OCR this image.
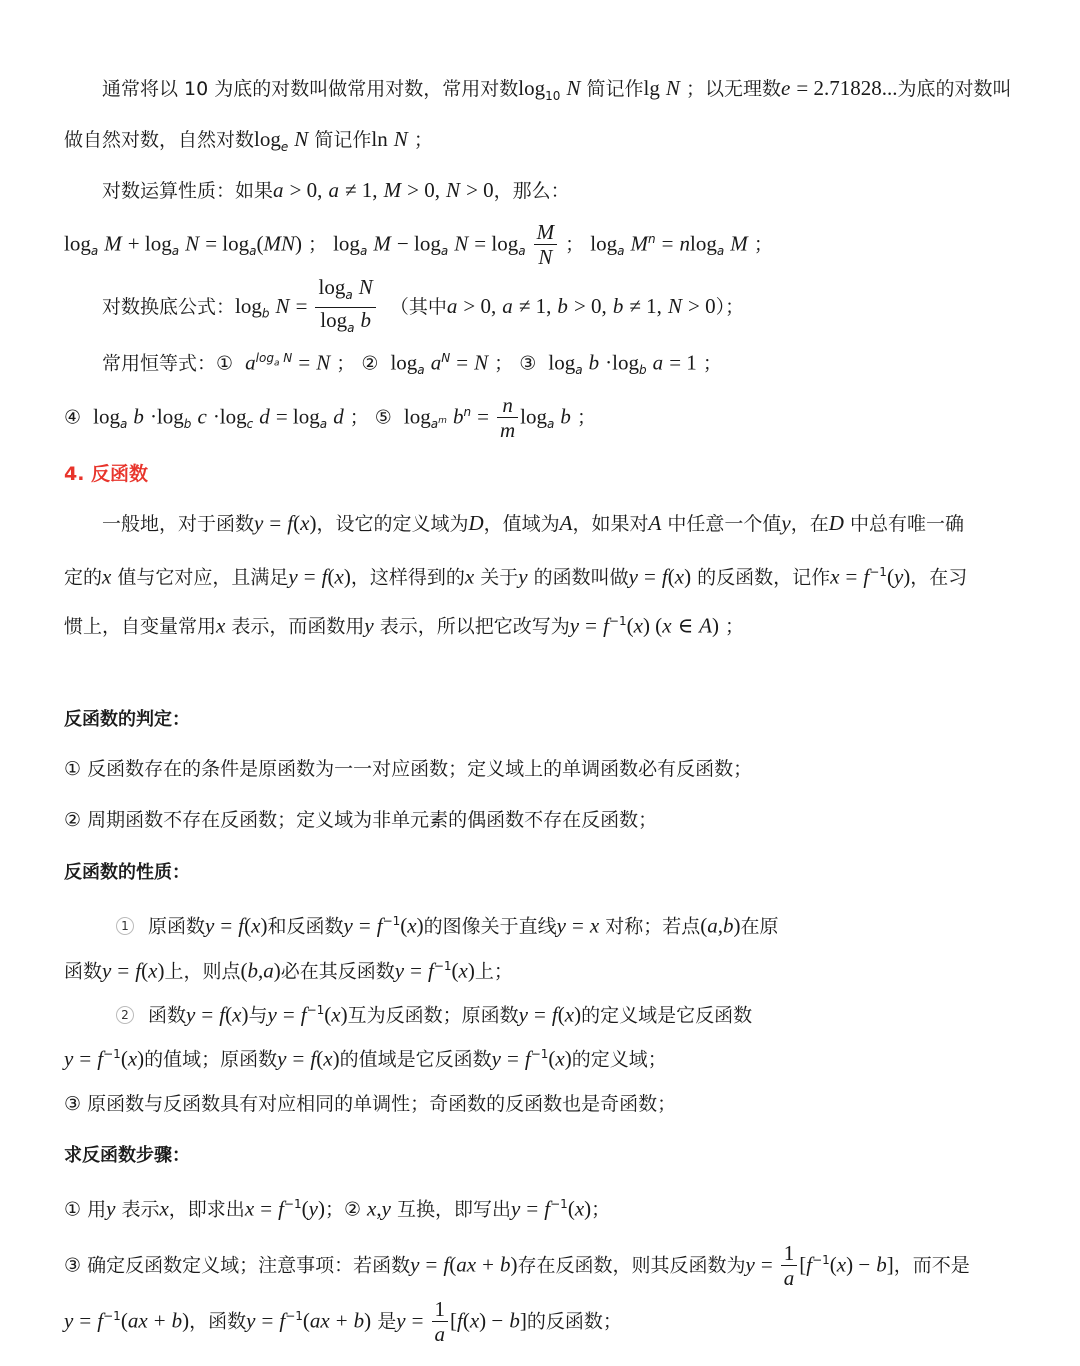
通常将以 10 为底的对数叫做常用对数，常用对数$\log_{10} N$ 简记作lg N ；以无理数e = 2.71828...为底的对数叫
做自然对数，自然对数$\log_e N$ 简记作ln N ；
对数运算性质：如果a > 0, a ≠ 1, M > 0, N > 0，那么：
$\log_a M + \log_a N = \log_a(MN)$ ； $\log_a M - \log_a N = \log_a \frac{M}{N}$ ； $\log_a M^n = nlog_a$ M ；
对数换底公式：$\log_b N = \frac{\log_a N}{\log_a b}$ （其中a > 0, a ≠ 1, b > 0, b ≠ 1, N > 0）；
常用恒等式：① $a^{log_a N} = N$ ； ② $\log_a a^N = N$ ； ③ $\log_a b \cdot\log_b$ a = 1 ；
④ $\log_a b \cdot\log_b$ $c \cdot\log_c$ $d = \log_a d$ ； ⑤ $\log_{a^m} b^n = \frac{n}{m} \log_a b$ ；
4. 反函数
一般地，对于函数y = f(x)，设它的定义域为D，值域为A，如果对A 中任意一个值y，在D 中总有唯一确
定的x 值与它对应，且满足y = f(x)，这样得到的x 关于y 的函数叫做y = f(x) 的反函数，记作$x = f^{-1}(y)$，在习
惯上，自变量常用x 表示，而函数用y 表示，所以把它改写为$y = f^{-1}(x)$ (x ∈ A) ；
反函数的判定：
① 反函数存在的条件是原函数为一一对应函数；定义域上的单调函数必有反函数；
② 周期函数不存在反函数；定义域为非单元素的偶函数不存在反函数；
反函数的性质：
1 原函数y = f(x)和反函数$y = f^{-1}(x)$的图像关于直线y = x 对称；若点(a,b)在原
函数y = f(x)上，则点(b,a)必在其反函数$y = f^{-1}(x)$上；
2 函数y = f(x)与$y = f^{-1}(x)$互为反函数；原函数y = f(x)的定义域是它反函数
$y = f^{-1}(x)$的值域；原函数y = f(x)的值域是它反函数$y = f^{-1}(x)$的定义域；
③ 原函数与反函数具有对应相同的单调性；奇函数的反函数也是奇函数；
求反函数步骤：
① 用y 表示x，即求出$x = f^{-1}(y)$；② x,y 互换，即写出$y = f^{-1}(x)$；
③ 确定反函数定义域；注意事项：若函数y = f(ax + b)存在反函数，则其反函数为$y = \frac{1}{a} [f^{-1}(x) - b]$，而不是
$y = f^{-1}(ax + b)$，函数$y = f^{-1}(ax + b)$ 是$y = \frac{1}{a} [f(x) - b]$的反函数；
